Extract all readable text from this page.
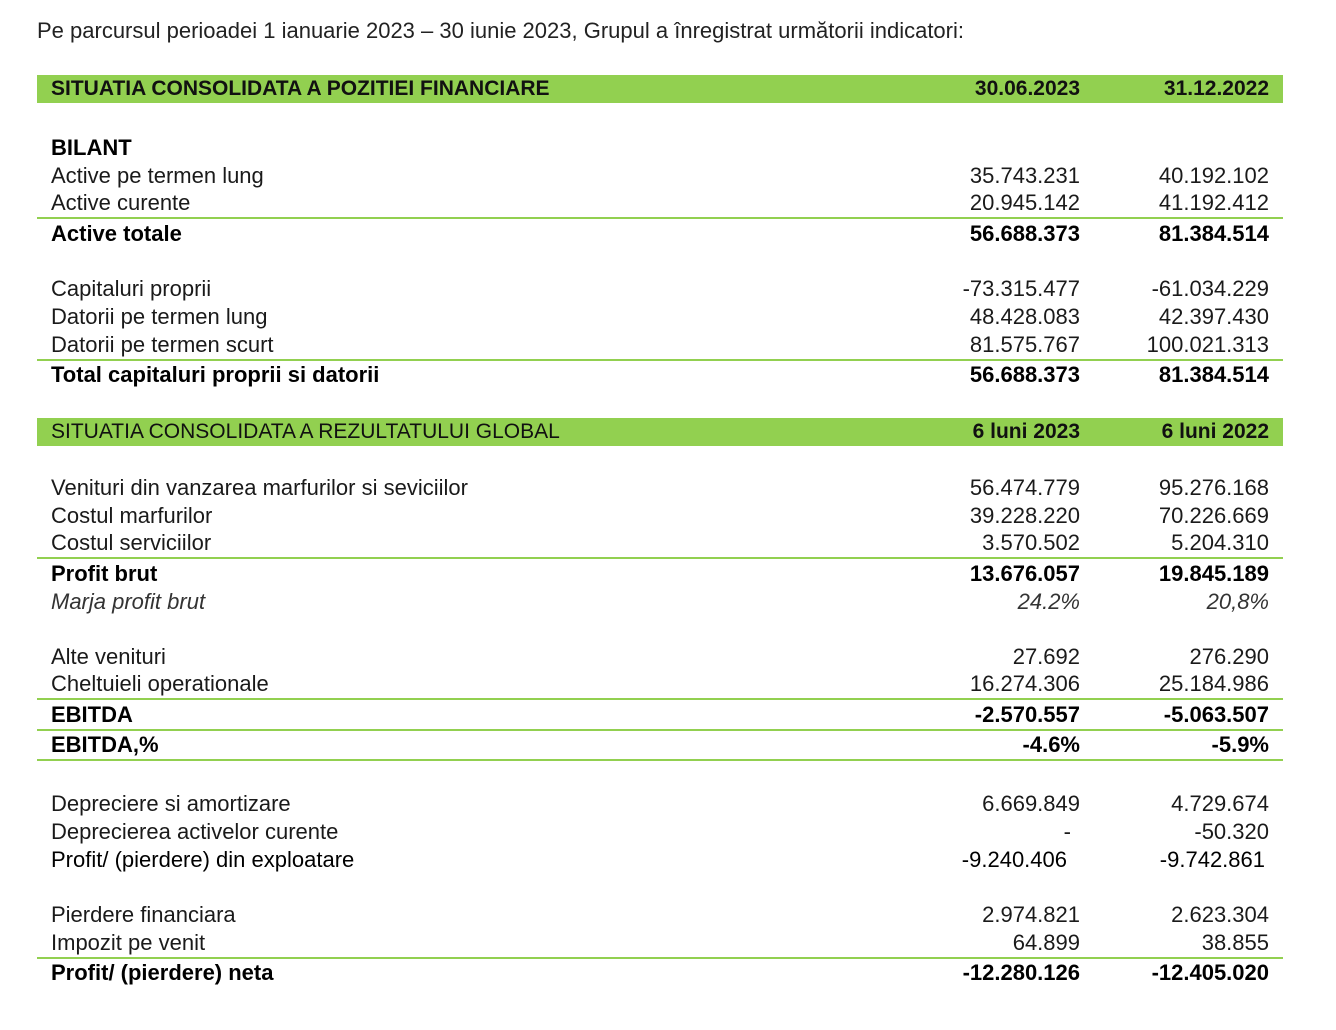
Pe parcursul perioadei 1 ianuarie 2023 – 30 iunie 2023, Grupul a înregistrat următorii indicatori:
SITUATIA CONSOLIDATA A POZITIEI FINANCIARE	30.06.2023	31.12.2022
BILANT
Active pe termen lung	35.743.231	40.192.102
Active curente	20.945.142	41.192.412
Active totale	56.688.373	81.384.514
Capitaluri proprii	-73.315.477	-61.034.229
Datorii pe termen lung	48.428.083	42.397.430
Datorii pe termen scurt	81.575.767	100.021.313
Total capitaluri proprii si datorii	56.688.373	81.384.514
SITUATIA CONSOLIDATA A REZULTATULUI GLOBAL	6 luni 2023	6 luni 2022
Venituri din vanzarea marfurilor si seviciilor	56.474.779	95.276.168
Costul marfurilor	39.228.220	70.226.669
Costul serviciilor	3.570.502	5.204.310
Profit brut	13.676.057	19.845.189
Marja profit brut	24.2%	20,8%
Alte venituri	27.692	276.290
Cheltuieli operationale	16.274.306	25.184.986
EBITDA	-2.570.557	-5.063.507
EBITDA,%	-4.6%	-5.9%
Depreciere si amortizare	6.669.849	4.729.674
Deprecierea activelor curente	-	-50.320
Profit/ (pierdere) din exploatare	-9.240.406	-9.742.861
Pierdere financiara	2.974.821	2.623.304
Impozit pe venit	64.899	38.855
Profit/ (pierdere) neta	-12.280.126	-12.405.020
